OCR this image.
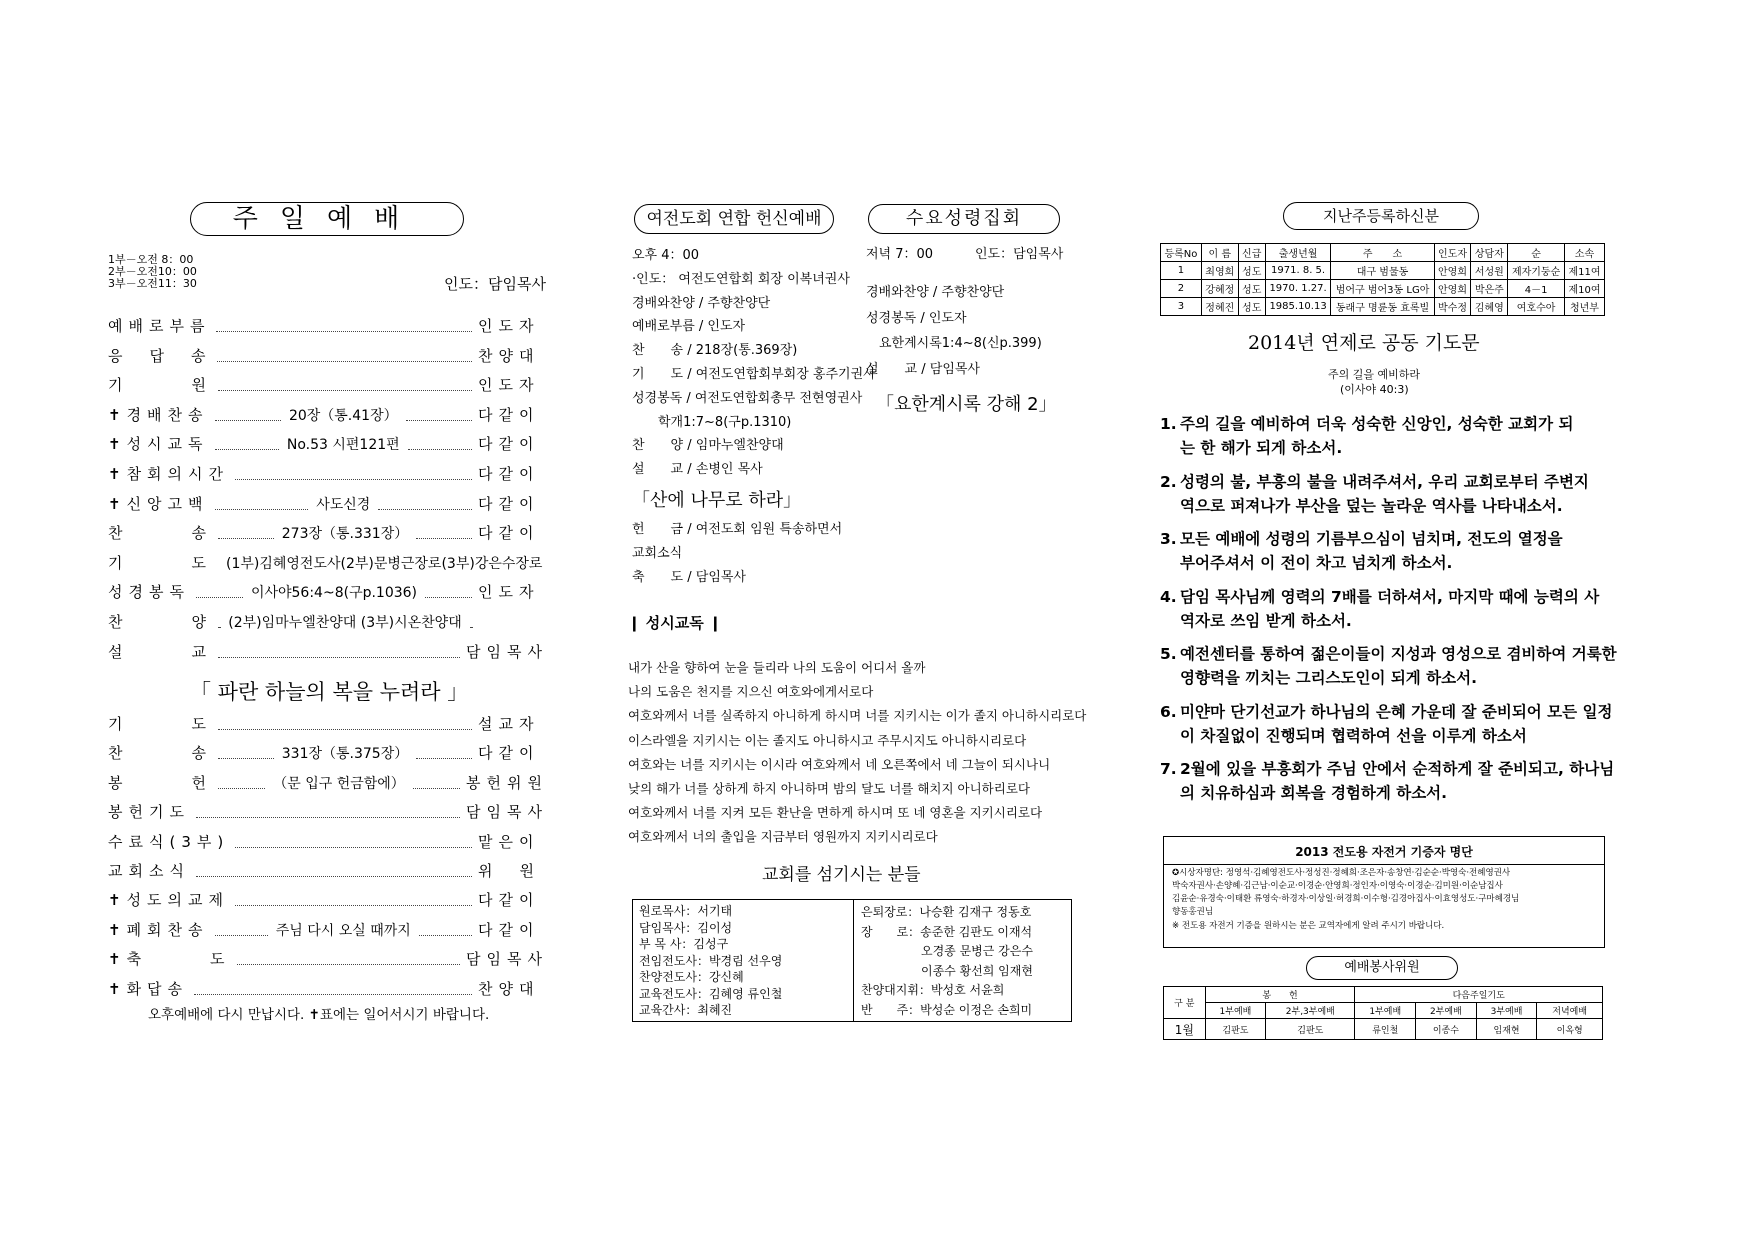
주일예배
1부－오전 8：00
2부－오전10：00
3부－오전11：30	인도：담임목사
예배로부름	인도자
응　답　송	찬양대
기　　　원	인도자
✝경배찬송	20장（통.41장）	다같이
✝성시교독	No.53 시편121편	다같이
✝참회의시간	다같이
✝신앙고백	사도신경	다같이
찬　　　송	273장（통.331장）	다같이
기　　　도 (1부)김혜영전도사(2부)문병근장로(3부)강은수장로
성경봉독	이사야56:4~8(구p.1036)	인도자
찬　　　양 (2부)임마누엘찬양대 (3부)시온찬양대
설　　　교	담임목사
「 파란 하늘의 복을 누려라 」
기　　　도	설교자
찬　　　송	331장（통.375장）	다같이
봉　　　헌	（문 입구 헌금함에）	봉헌위원
봉헌기도	담임목사
수료식(3부)	맡은이
교회소식	위　원
✝성도의교제	다같이
✝폐회찬송	주님 다시 오실 때까지	다같이
✝축　　　도	담임목사
✝화답송	찬양대
오후예배에 다시 만납시다. ✝표에는 일어서시기 바랍니다.
여전도회 연합 헌신예배
오후 4：00
·인도： 여전도연합회 회장 이복녀권사
경배와찬양 / 주향찬양단
예배로부름 / 인도자
찬　　송 / 218장(통.369장)
기　　도 / 여전도연합회부회장 홍주기권사
성경봉독 / 여전도연합회총무 전현영권사
　　학개1:7~8(구p.1310)
찬　　양 / 임마누엘찬양대
설　　교 / 손병인 목사
「산에 나무로 하라」
헌　　금 / 여전도회 임원 특송하면서
교회소식
축　　도 / 담임목사
수요성령집회
저녁 7：00	인도：담임목사
경배와찬양 / 주향찬양단
성경봉독 / 인도자
　요한계시록1:4~8(신p.399)
설　　교 / 담임목사
「요한계시록 강해 2」
❙ 성시교독 ❙
내가 산을 향하여 눈을 들리라 나의 도움이 어디서 올까
나의 도움은 천지를 지으신 여호와에게서로다
여호와께서 너를 실족하지 아니하게 하시며 너를 지키시는 이가 졸지 아니하시리로다
이스라엘을 지키시는 이는 졸지도 아니하시고 주무시지도 아니하시리로다
여호와는 너를 지키시는 이시라 여호와께서 네 오른쪽에서 네 그늘이 되시나니
낮의 해가 너를 상하게 하지 아니하며 밤의 달도 너를 해치지 아니하리로다
여호와께서 너를 지켜 모든 환난을 면하게 하시며 또 네 영혼을 지키시리로다
여호와께서 너의 출입을 지금부터 영원까지 지키시리로다
교회를 섬기시는 분들
원로목사：서기태
담임목사：김이성
부 목 사：김성구
전임전도사：박경림 선우영
찬양전도사：강신혜
교육전도사：김혜영 류인철
교육간사：최혜진
은퇴장로：나승환 김재구 정동호
장　　로：송준한 김판도 이재석
　　　　　오경종 문병근 강은수
　　　　　이종수 황선희 임재현
찬양대지휘：박성호 서윤희
반　　주：박성순 이정은 손희미
지난주등록하신분
등록No	이 름	신급	출생년월	주　　소	인도자	상담자	순	소속
1	최영희	성도	1971. 8. 5.	대구 범물동	안영희	서성원	제자기둥순	제11여
2	강혜정	성도	1970. 1.27.	범어구 범어3동 LG아	안영희	박은주	4－1	제10여
3	정혜진	성도	1985.10.13	동래구 명륜동 효록빌	박수정	김혜영	여호수아	청년부
2014년 연제로 공동 기도문
주의 길을 예비하라
(이사야 40:3)
1. 주의 길을 예비하여 더욱 성숙한 신앙인, 성숙한 교회가 되
는 한 해가 되게 하소서.
2. 성령의 불, 부흥의 불을 내려주셔서, 우리 교회로부터 주변지
역으로 퍼져나가 부산을 덮는 놀라운 역사를 나타내소서.
3. 모든 예배에 성령의 기름부으심이 넘치며, 전도의 열정을
부어주셔서 이 전이 차고 넘치게 하소서.
4. 담임 목사님께 영력의 7배를 더하셔서, 마지막 때에 능력의 사
역자로 쓰임 받게 하소서.
5. 예전센터를 통하여 젊은이들이 지성과 영성으로 겸비하여 거룩한
영향력을 끼치는 그리스도인이 되게 하소서.
6. 미얀마 단기선교가 하나님의 은혜 가운데 잘 준비되어 모든 일정
이 차질없이 진행되며 협력하여 선을 이루게 하소서
7. 2월에 있을 부흥회가 주님 안에서 순적하게 잘 준비되고, 하나님
의 치유하심과 회복을 경험하게 하소서.
2013 전도용 자전거 기증자 명단
✪시상자명단: 정영석·김혜영전도사·정성진·정혜희·조은자·송창연·김순순·박영숙·전혜영권사
박숙자권사·손양혜·김근남·이순교·이경순·안영희·정인자·이영숙·이경순·김미원·이순남집사
김윤순·유경숙·이태환 류영숙·하경자·이상일·허경희·이수형·김경아집사·이효영성도·구마혜경님
향동홍권님
※ 전도용 자전거 기증을 원하시는 분은 교역자에게 알려 주시기 바랍니다.
예배봉사위원
구 분	봉　　헌		다음주일기도			
	1부예배	2부,3부예배	1부예배	2부예배	3부예배	저녁예배
1월	김판도	김판도	류인철	이종수	임재현	이옥형
